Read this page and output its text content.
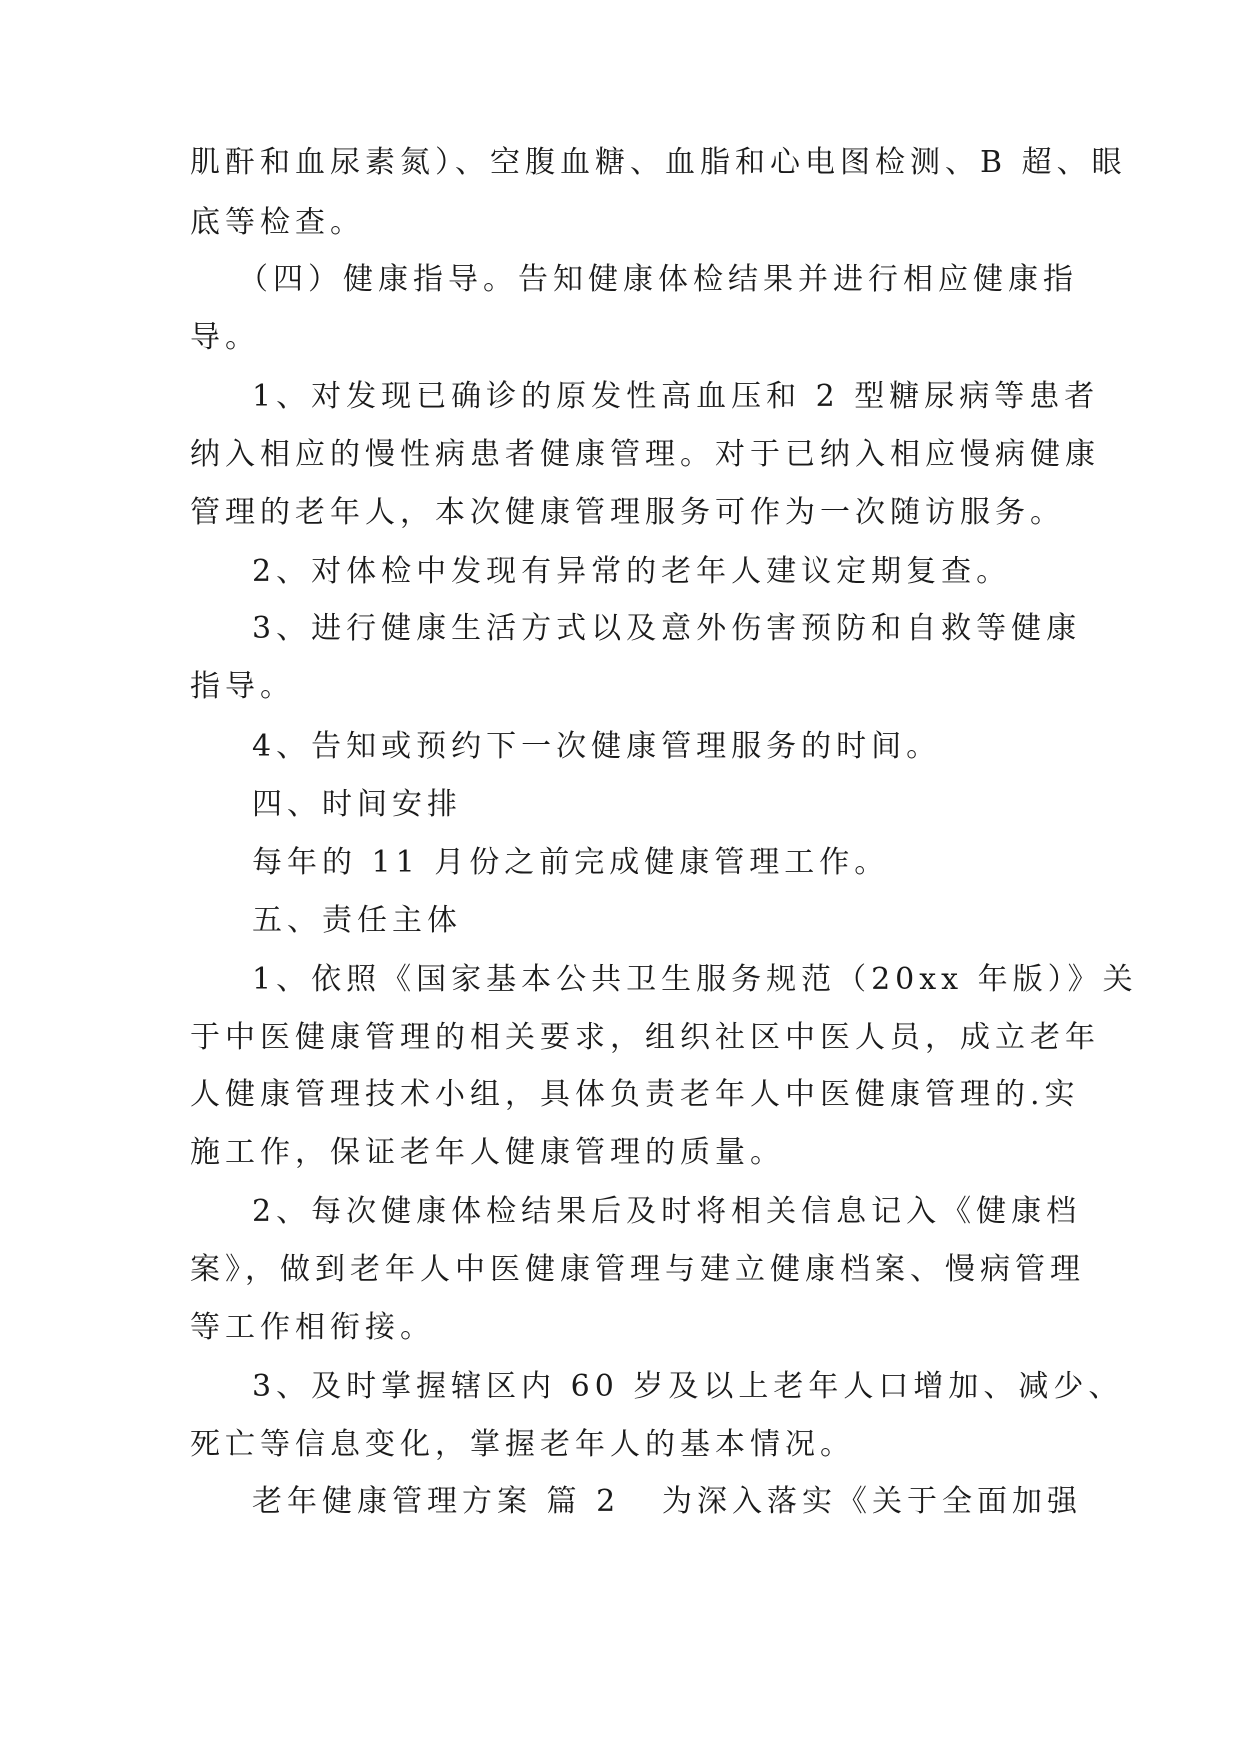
肌酐和血尿素氮）、空腹血糖、血脂和心电图检测、B 超、眼
底等检查。
（四）健康指导。告知健康体检结果并进行相应健康指
导。
1、对发现已确诊的原发性高血压和 2 型糖尿病等患者
纳入相应的慢性病患者健康管理。对于已纳入相应慢病健康
管理的老年人，本次健康管理服务可作为一次随访服务。
2、对体检中发现有异常的老年人建议定期复查。
3、进行健康生活方式以及意外伤害预防和自救等健康
指导。
4、告知或预约下一次健康管理服务的时间。
四、时间安排
每年的 11 月份之前完成健康管理工作。
五、责任主体
1、依照《国家基本公共卫生服务规范（20xx 年版）》关
于中医健康管理的相关要求，组织社区中医人员，成立老年
人健康管理技术小组，具体负责老年人中医健康管理的.实
施工作，保证老年人健康管理的质量。
2、每次健康体检结果后及时将相关信息记入《健康档
案》，做到老年人中医健康管理与建立健康档案、慢病管理
等工作相衔接。
3、及时掌握辖区内 60 岁及以上老年人口增加、减少、
死亡等信息变化，掌握老年人的基本情况。
老年健康管理方案 篇 2 为深入落实《关于全面加强
